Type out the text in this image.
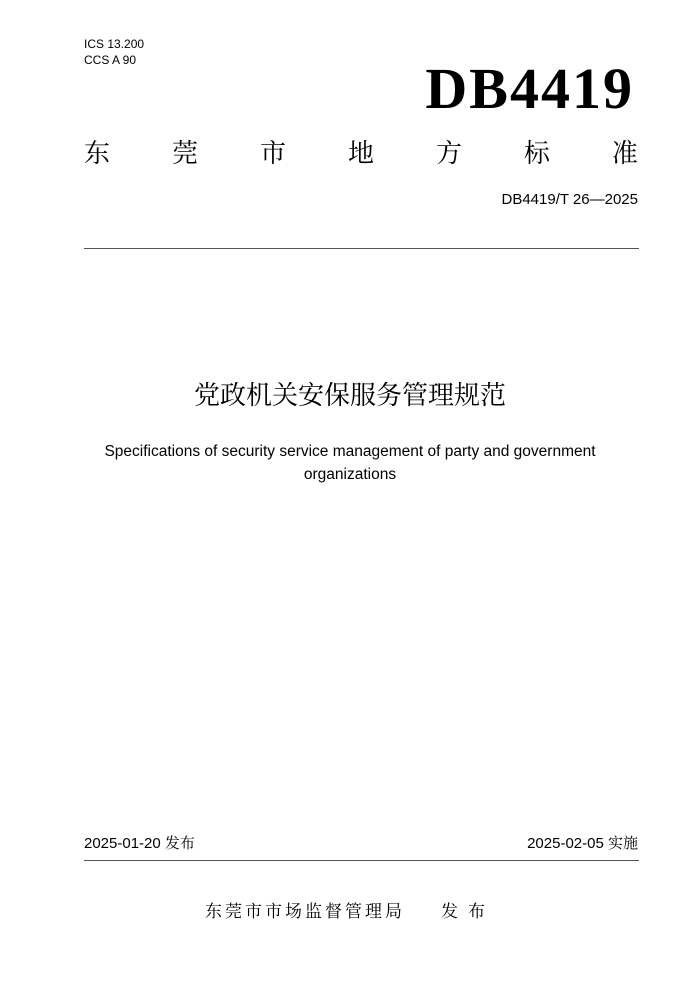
ICS 13.200
CCS A 90	DB4419
东 莞 市 地 方 标 准
DB4419/T 26—2025
党政机关安保服务管理规范
Specifications of security service management of party and government organizations
2025-01-20 发布	2025-02-05 实施
东莞市市场监督管理局 发布
